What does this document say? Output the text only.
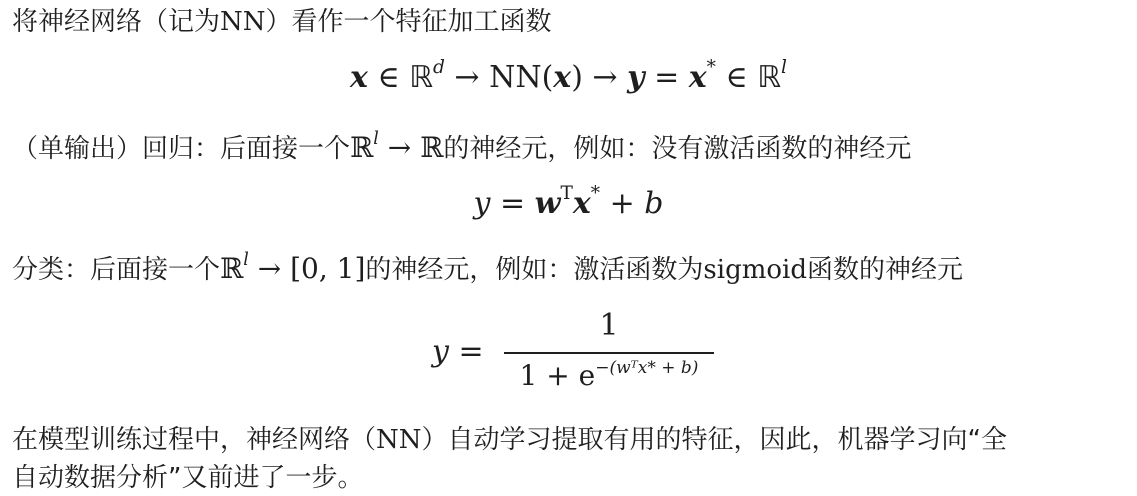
将神经网络（记为NN）看作一个特征加工函数
x ∈ ℝ$^d$ → NN(x) → y = x* ∈ ℝ$^l$
（单输出）回归：后面接一个ℝ$^l$ → ℝ的神经元，例如：没有激活函数的神经元
$y = w^Tx^* + b$
分类：后面接一个ℝ$^l$ → [0, 1]的神经元，例如：激活函数为sigmoid函数的神经元
y =
1
$1 + e^{-(wᵀx* + b)}$
在模型训练过程中，神经网络（NN）自动学习提取有用的特征，因此，机器学习向“全
自动数据分析”又前进了一步。
